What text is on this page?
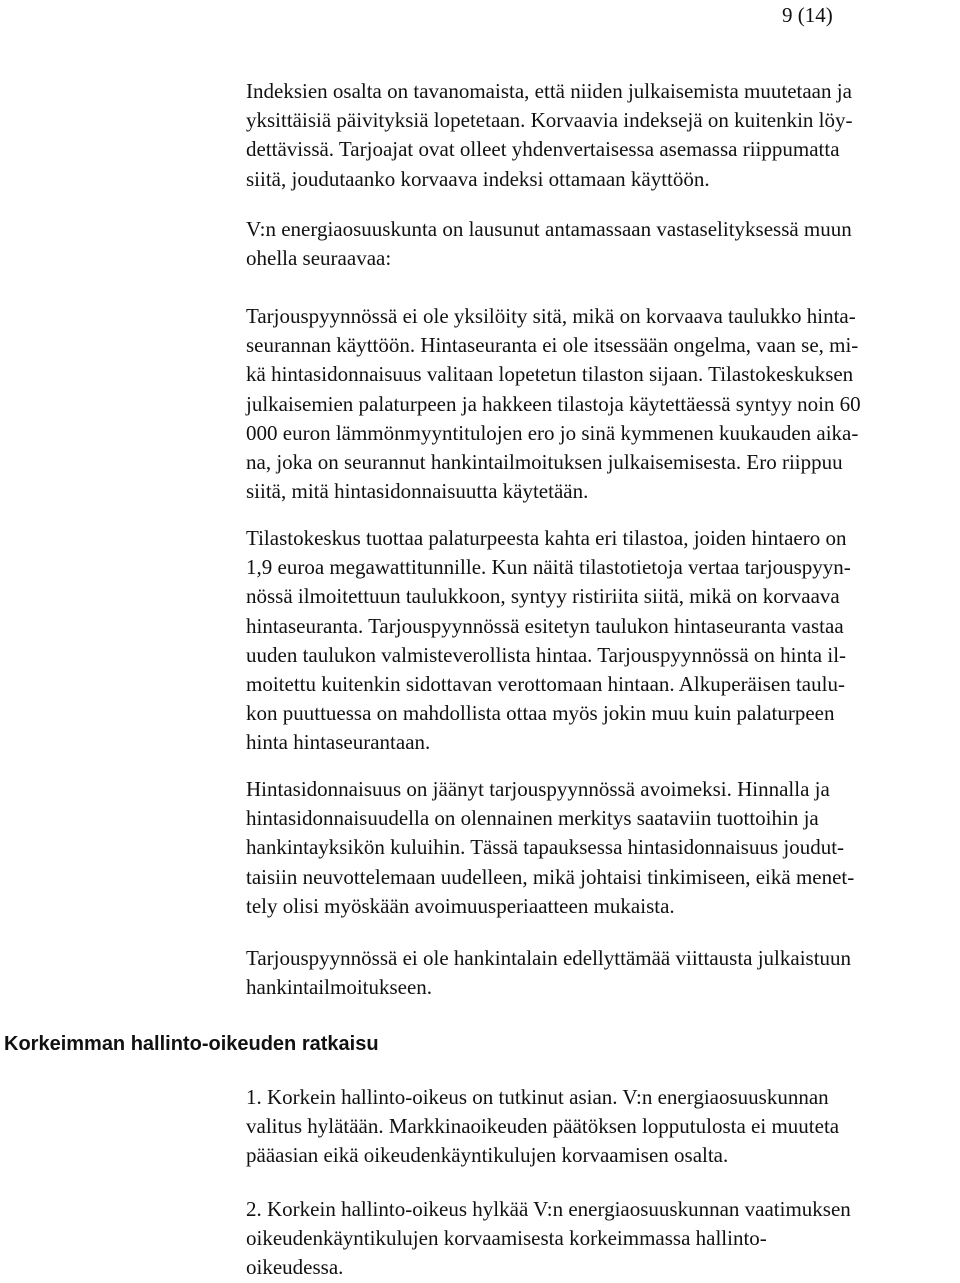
9 (14)

Indeksien osalta on tavanomaista, että niiden julkaisemista muutetaan ja
yksittäisiä päivityksiä lopetetaan. Korvaavia indeksejä on kuitenkin löy-
dettävissä. Tarjoajat ovat olleet yhdenvertaisessa asemassa riippumatta
siitä, joudutaanko korvaava indeksi ottamaan käyttöön.

V:n energiaosuuskunta on lausunut antamassaan vastaselityksessä muun
ohella seuraavaa:

Tarjouspyynnössä ei ole yksilöity sitä, mikä on korvaava taulukko hinta-
seurannan käyttöön. Hintaseuranta ei ole itsessään ongelma, vaan se, mi-
kä hintasidonnaisuus valitaan lopetetun tilaston sijaan. Tilastokeskuksen
julkaisemien palaturpeen ja hakkeen tilastoja käytettäessä syntyy noin 60
000 euron lämmönmyyntitulojen ero jo sinä kymmenen kuukauden aika-
na, joka on seurannut hankintailmoituksen julkaisemisesta. Ero riippuu
siitä, mitä hintasidonnaisuutta käytetään.

Tilastokeskus tuottaa palaturpeesta kahta eri tilastoa, joiden hintaero on
1,9 euroa megawattitunnille. Kun näitä tilastotietoja vertaa tarjouspyyn-
nössä ilmoitettuun taulukkoon, syntyy ristiriita siitä, mikä on korvaava
hintaseuranta. Tarjouspyynnössä esitetyn taulukon hintaseuranta vastaa
uuden taulukon valmisteverollista hintaa. Tarjouspyynnössä on hinta il-
moitettu kuitenkin sidottavan verottomaan hintaan. Alkuperäisen taulu-
kon puuttuessa on mahdollista ottaa myös jokin muu kuin palaturpeen
hinta hintaseurantaan.

Hintasidonnaisuus on jäänyt tarjouspyynnössä avoimeksi. Hinnalla ja
hintasidonnaisuudella on olennainen merkitys saataviin tuottoihin ja
hankintayksikön kuluihin. Tässä tapauksessa hintasidonnaisuus joudut-
taisiin neuvottelemaan uudelleen, mikä johtaisi tinkimiseen, eikä menet-
tely olisi myöskään avoimuusperiaatteen mukaista.

Tarjouspyynnössä ei ole hankintalain edellyttämää viittausta julkaistuun
hankintailmoitukseen.

Korkeimman hallinto-oikeuden ratkaisu

1. Korkein hallinto-oikeus on tutkinut asian. V:n energiaosuuskunnan
valitus hylätään. Markkinaoikeuden päätöksen lopputulosta ei muuteta
pääasian eikä oikeudenkäyntikulujen korvaamisen osalta.

2. Korkein hallinto-oikeus hylkää V:n energiaosuuskunnan vaatimuksen
oikeudenkäyntikulujen korvaamisesta korkeimmassa hallinto-
oikeudessa.
